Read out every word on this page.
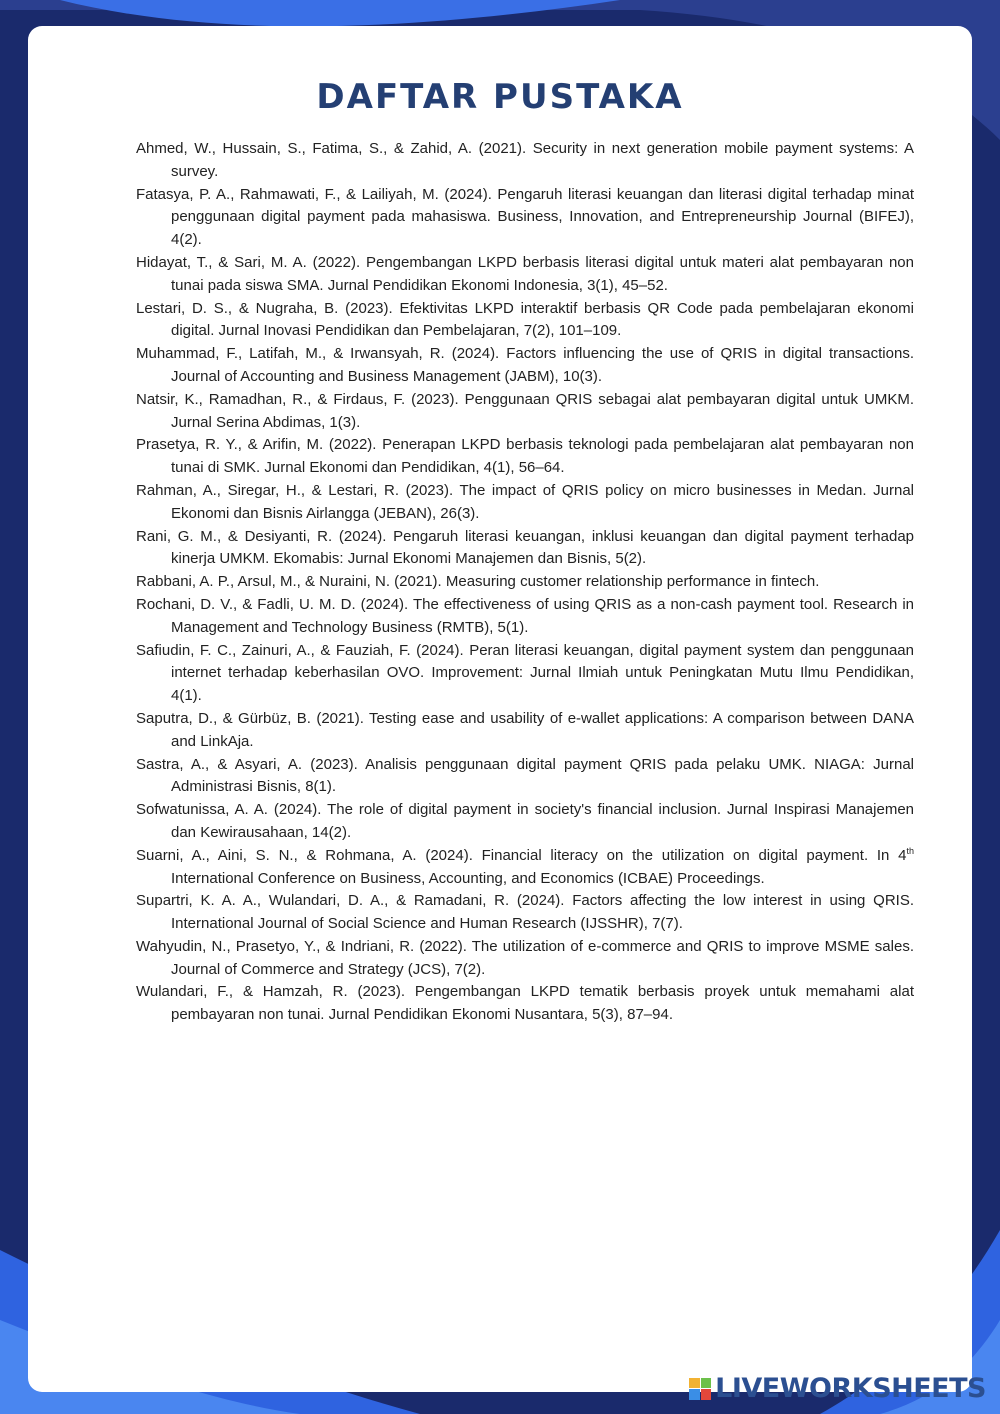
DAFTAR PUSTAKA

Ahmed, W., Hussain, S., Fatima, S., & Zahid, A. (2021). Security in next generation mobile payment systems: A survey.

Fatasya, P. A., Rahmawati, F., & Lailiyah, M. (2024). Pengaruh literasi keuangan dan literasi digital terhadap minat penggunaan digital payment pada mahasiswa. Business, Innovation, and Entrepreneurship Journal (BIFEJ), 4(2).

Hidayat, T., & Sari, M. A. (2022). Pengembangan LKPD berbasis literasi digital untuk materi alat pembayaran non tunai pada siswa SMA. Jurnal Pendidikan Ekonomi Indonesia, 3(1), 45–52.

Lestari, D. S., & Nugraha, B. (2023). Efektivitas LKPD interaktif berbasis QR Code pada pembelajaran ekonomi digital. Jurnal Inovasi Pendidikan dan Pembelajaran, 7(2), 101–109.

Muhammad, F., Latifah, M., & Irwansyah, R. (2024). Factors influencing the use of QRIS in digital transactions. Journal of Accounting and Business Management (JABM), 10(3).

Natsir, K., Ramadhan, R., & Firdaus, F. (2023). Penggunaan QRIS sebagai alat pembayaran digital untuk UMKM. Jurnal Serina Abdimas, 1(3).

Prasetya, R. Y., & Arifin, M. (2022). Penerapan LKPD berbasis teknologi pada pembelajaran alat pembayaran non tunai di SMK. Jurnal Ekonomi dan Pendidikan, 4(1), 56–64.

Rahman, A., Siregar, H., & Lestari, R. (2023). The impact of QRIS policy on micro businesses in Medan. Jurnal Ekonomi dan Bisnis Airlangga (JEBAN), 26(3).

Rani, G. M., & Desiyanti, R. (2024). Pengaruh literasi keuangan, inklusi keuangan dan digital payment terhadap kinerja UMKM. Ekomabis: Jurnal Ekonomi Manajemen dan Bisnis, 5(2).

Rabbani, A. P., Arsul, M., & Nuraini, N. (2021). Measuring customer relationship performance in fintech.

Rochani, D. V., & Fadli, U. M. D. (2024). The effectiveness of using QRIS as a non-cash payment tool. Research in Management and Technology Business (RMTB), 5(1).

Safiudin, F. C., Zainuri, A., & Fauziah, F. (2024). Peran literasi keuangan, digital payment system dan penggunaan internet terhadap keberhasilan OVO. Improvement: Jurnal Ilmiah untuk Peningkatan Mutu Ilmu Pendidikan, 4(1).

Saputra, D., & Gürbüz, B. (2021). Testing ease and usability of e-wallet applications: A comparison between DANA and LinkAja.

Sastra, A., & Asyari, A. (2023). Analisis penggunaan digital payment QRIS pada pelaku UMK. NIAGA: Jurnal Administrasi Bisnis, 8(1).

Sofwatunissa, A. A. (2024). The role of digital payment in society's financial inclusion. Jurnal Inspirasi Manajemen dan Kewirausahaan, 14(2).

Suarni, A., Aini, S. N., & Rohmana, A. (2024). Financial literacy on the utilization on digital payment. In 4th International Conference on Business, Accounting, and Economics (ICBAE) Proceedings.

Supartri, K. A. A., Wulandari, D. A., & Ramadani, R. (2024). Factors affecting the low interest in using QRIS. International Journal of Social Science and Human Research (IJSSHR), 7(7).

Wahyudin, N., Prasetyo, Y., & Indriani, R. (2022). The utilization of e-commerce and QRIS to improve MSME sales. Journal of Commerce and Strategy (JCS), 7(2).

Wulandari, F., & Hamzah, R. (2023). Pengembangan LKPD tematik berbasis proyek untuk memahami alat pembayaran non tunai. Jurnal Pendidikan Ekonomi Nusantara, 5(3), 87–94.

LIVEWORKSHEETS
